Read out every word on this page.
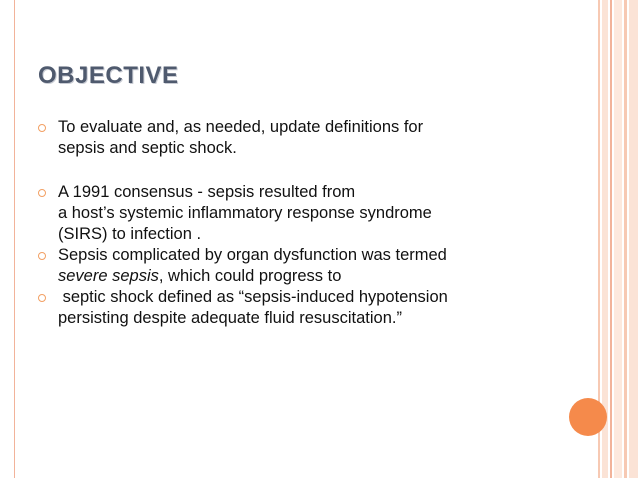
OBJECTIVE
To evaluate and, as needed, update definitions for
sepsis and septic shock.
A 1991 consensus - sepsis resulted from
a host’s systemic inflammatory response syndrome
(SIRS) to infection .
Sepsis complicated by organ dysfunction was termed
severe sepsis, which could progress to
septic shock defined as “sepsis-induced hypotension
persisting despite adequate fluid resuscitation.”
